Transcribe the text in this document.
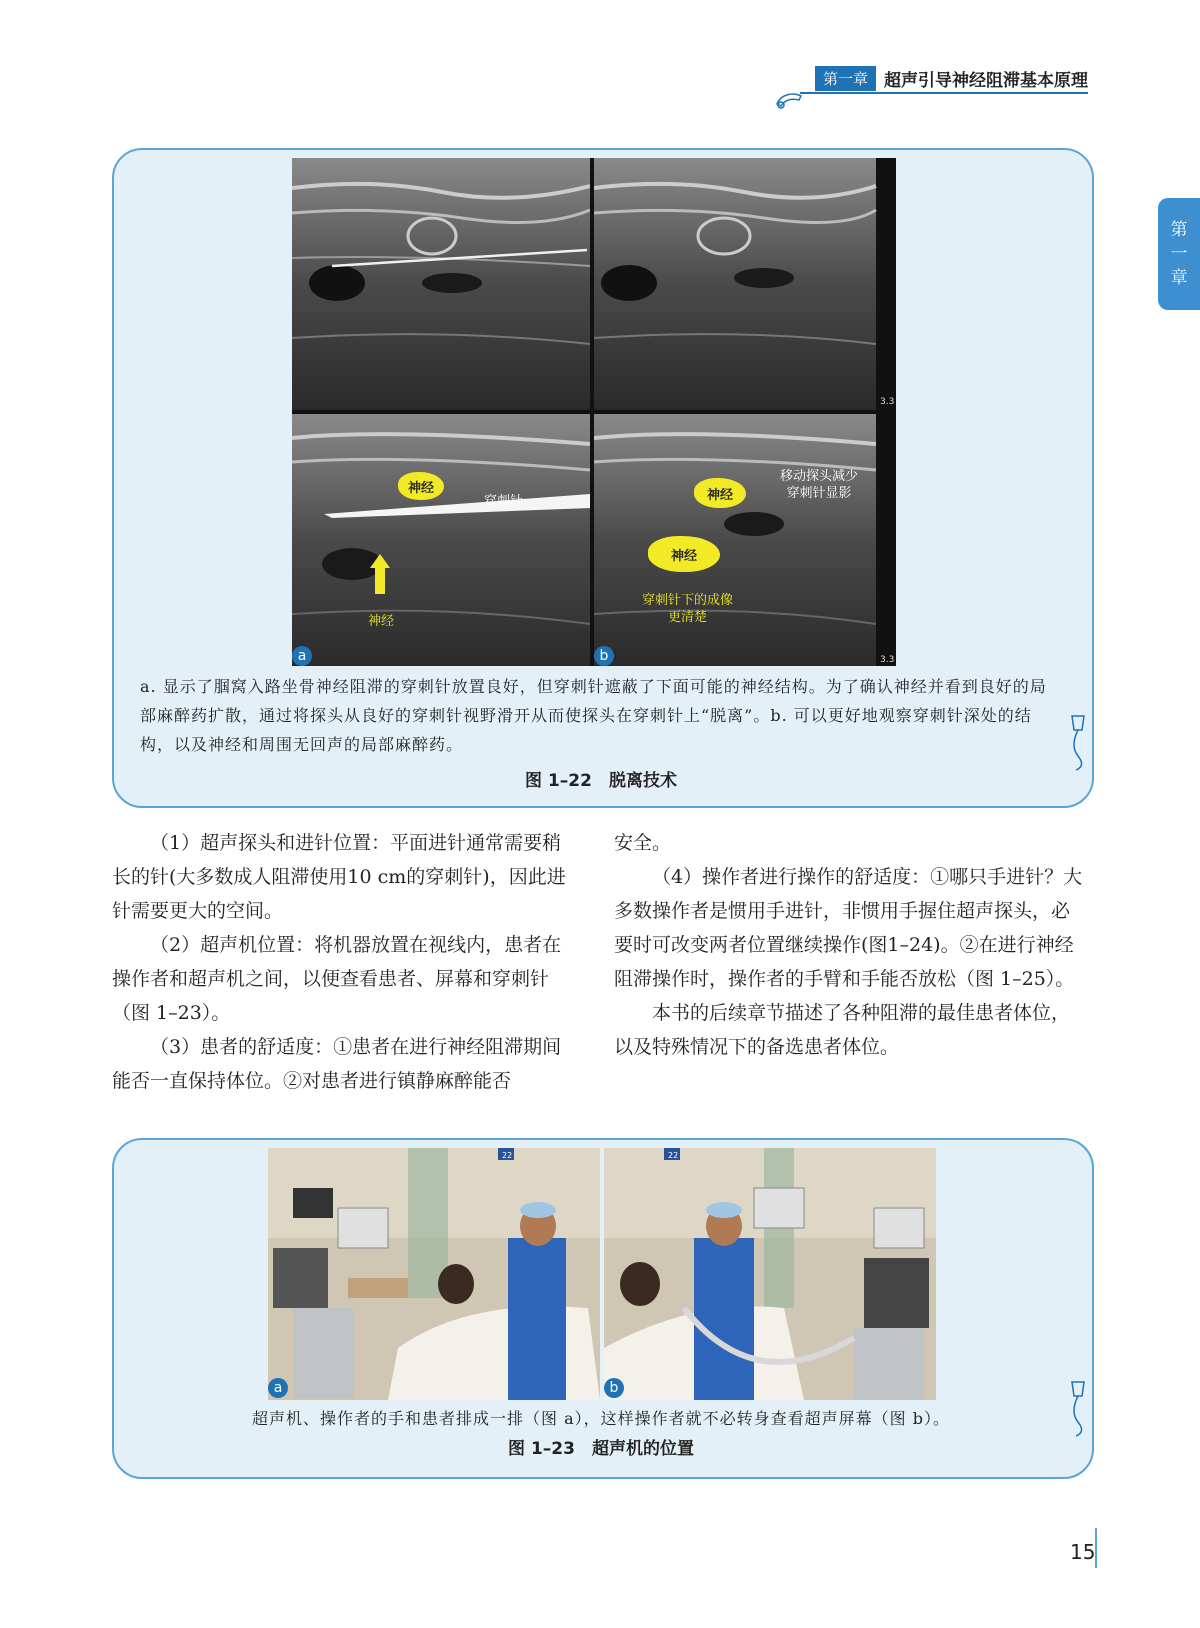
第一章 超声引导神经阻滞基本原理
第
一
章
3.3
3.3
神经
穿刺针
神经
a
神经
神经
移动探头减少
穿刺针显影
穿刺针下的成像
更清楚
b
a. 显示了腘窝入路坐骨神经阻滞的穿刺针放置良好，但穿刺针遮蔽了下面可能的神经结构。为了确认神经并看到良好的局部麻醉药扩散，通过将探头从良好的穿刺针视野滑开从而使探头在穿刺针上“脱离”。b. 可以更好地观察穿刺针深处的结构，以及神经和周围无回声的局部麻醉药。
图 1–22　脱离技术

（1）超声探头和进针位置：平面进针通常需要稍长的针(大多数成人阻滞使用10 cm的穿刺针)，因此进针需要更大的空间。

（2）超声机位置：将机器放置在视线内，患者在操作者和超声机之间，以便查看患者、屏幕和穿刺针（图 1–23）。

（3）患者的舒适度：①患者在进行神经阻滞期间能否一直保持体位。②对患者进行镇静麻醉能否

安全。

（4）操作者进行操作的舒适度：①哪只手进针？大多数操作者是惯用手进针，非惯用手握住超声探头，必要时可改变两者位置继续操作(图1–24)。②在进行神经阻滞操作时，操作者的手臂和手能否放松（图 1–25）。

本书的后续章节描述了各种阻滞的最佳患者体位，以及特殊情况下的备选患者体位。

22
a
22
b
超声机、操作者的手和患者排成一排（图 a），这样操作者就不必转身查看超声屏幕（图 b）。
图 1–23　超声机的位置
15
